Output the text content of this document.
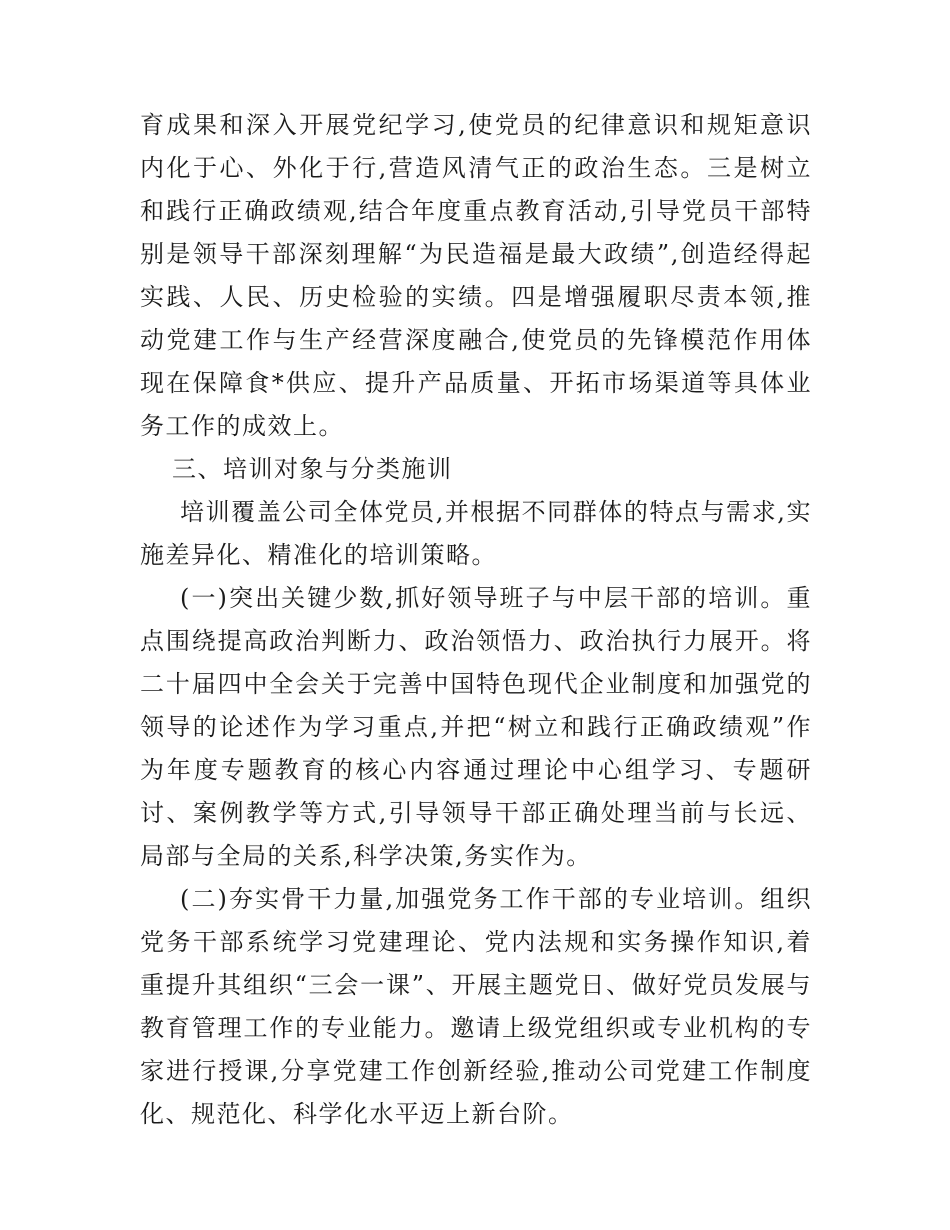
育成果和深入开展党纪学习,使党员的纪律意识和规矩意识内化于心、外化于行,营造风清气正的政治生态。三是树立和践行正确政绩观,结合年度重点教育活动,引导党员干部特别是领导干部深刻理解“为民造福是最大政绩”,创造经得起实践、人民、历史检验的实绩。四是增强履职尽责本领,推动党建工作与生产经营深度融合,使党员的先锋模范作用体现在保障食*供应、提升产品质量、开拓市场渠道等具体业务工作的成效上。

三、培训对象与分类施训

培训覆盖公司全体党员,并根据不同群体的特点与需求,实施差异化、精准化的培训策略。

(一)突出关键少数,抓好领导班子与中层干部的培训。重点围绕提高政治判断力、政治领悟力、政治执行力展开。将二十届四中全会关于完善中国特色现代企业制度和加强党的领导的论述作为学习重点,并把“树立和践行正确政绩观”作为年度专题教育的核心内容通过理论中心组学习、专题研讨、案例教学等方式,引导领导干部正确处理当前与长远、局部与全局的关系,科学决策,务实作为。

(二)夯实骨干力量,加强党务工作干部的专业培训。组织党务干部系统学习党建理论、党内法规和实务操作知识,着重提升其组织“三会一课”、开展主题党日、做好党员发展与教育管理工作的专业能力。邀请上级党组织或专业机构的专家进行授课,分享党建工作创新经验,推动公司党建工作制度化、规范化、科学化水平迈上新台阶。
